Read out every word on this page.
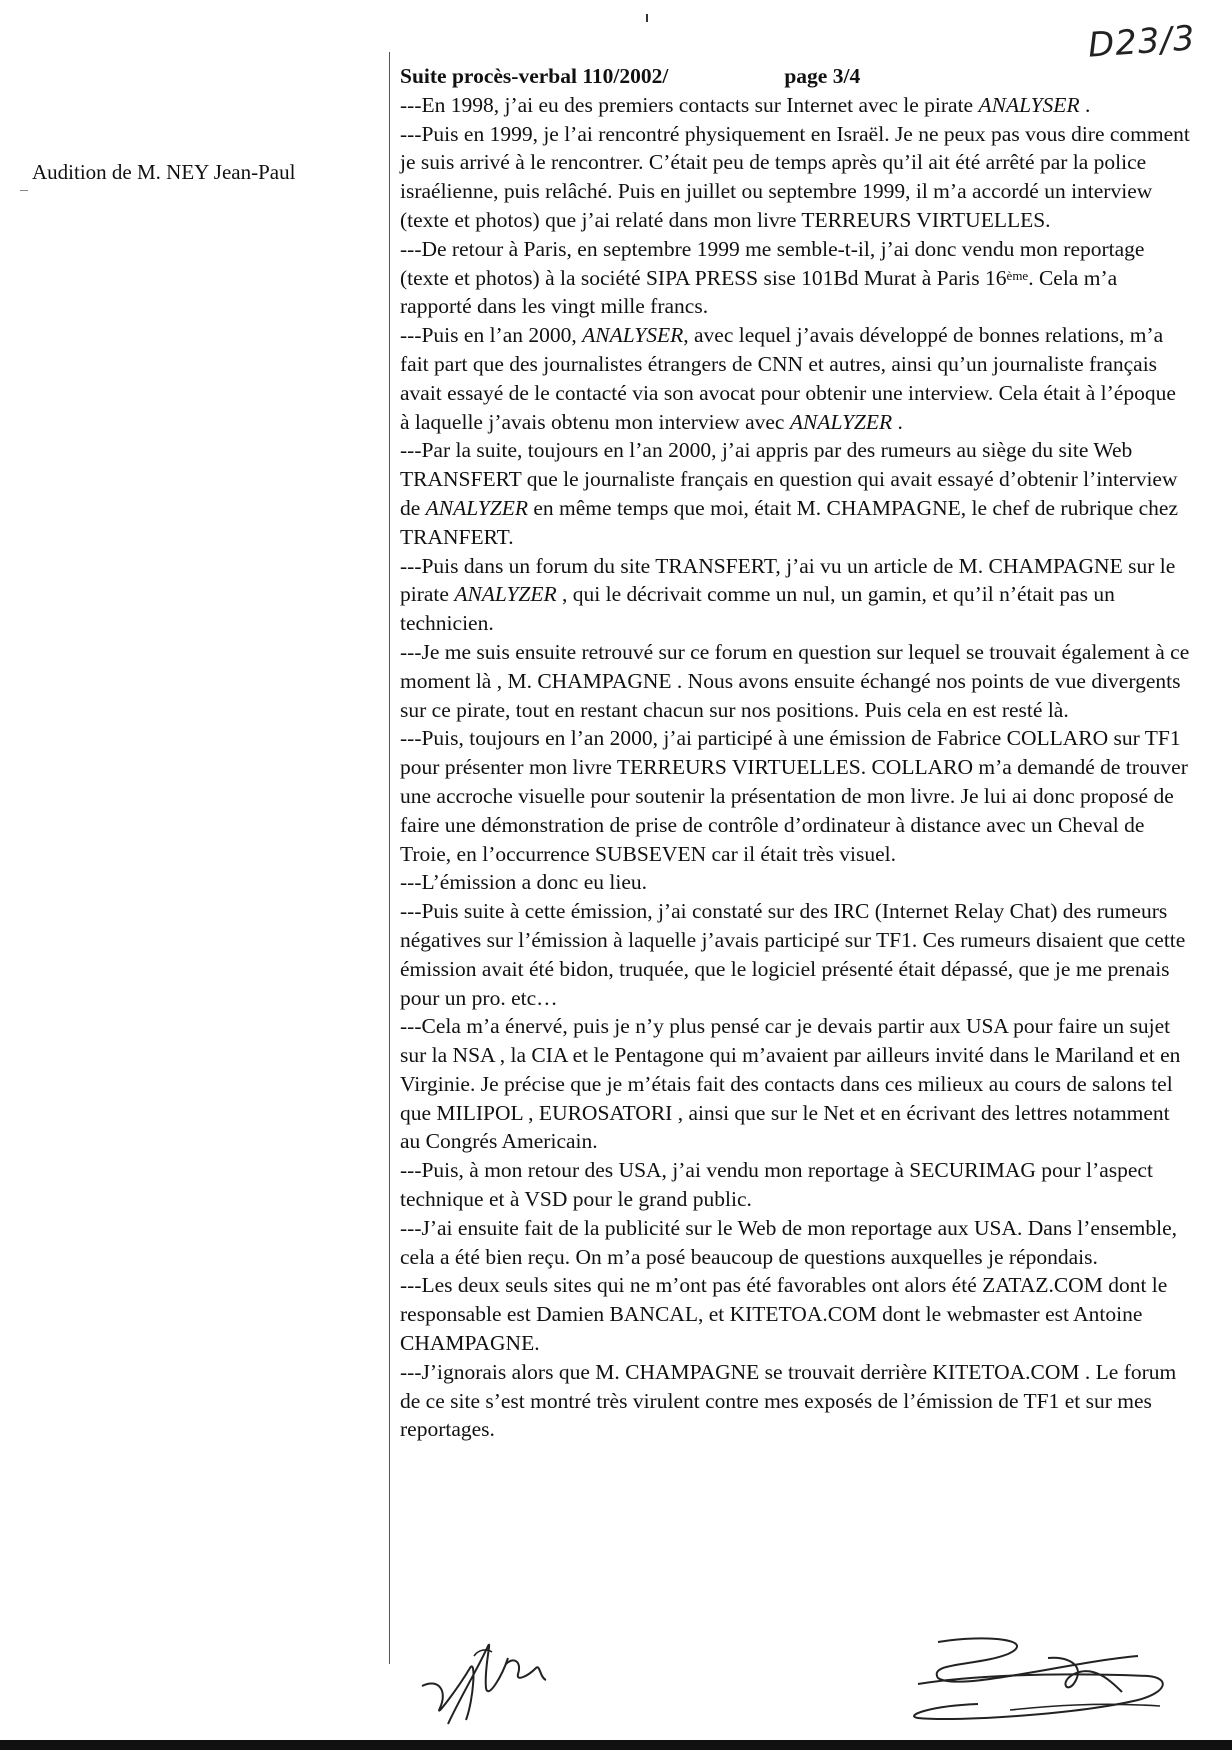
D23/3
Audition de M. NEY Jean-Paul
Suite procès-verbal 110/2002/	page 3/4

---En 1998, j’ai eu des premiers contacts sur Internet avec le pirate ANALYSER .

---Puis en 1999, je l’ai rencontré physiquement en Israël. Je ne peux pas vous dire comment je suis arrivé à le rencontrer. C’était peu de temps après qu’il ait été arrêté par la police israélienne, puis relâché. Puis en juillet ou septembre 1999, il m’a accordé un interview (texte et photos) que j’ai relaté dans mon livre TERREURS VIRTUELLES.

---De retour à Paris, en septembre 1999 me semble-t-il, j’ai donc vendu mon reportage (texte et photos) à la société SIPA PRESS sise 101Bd Murat à Paris 16ème. Cela m’a rapporté dans les vingt mille francs.

---Puis en l’an 2000, ANALYSER, avec lequel j’avais développé de bonnes relations, m’a fait part que des journalistes étrangers de CNN et autres, ainsi qu’un journaliste français avait essayé de le contacté via son avocat pour obtenir une interview. Cela était à l’époque à laquelle j’avais obtenu mon interview avec ANALYZER .

---Par la suite, toujours en l’an 2000, j’ai appris par des rumeurs au siège du site Web TRANSFERT que le journaliste français en question qui avait essayé d’obtenir l’interview de ANALYZER en même temps que moi, était M. CHAMPAGNE, le chef de rubrique chez TRANFERT.

---Puis dans un forum du site TRANSFERT, j’ai vu un article de M. CHAMPAGNE sur le pirate ANALYZER , qui le décrivait comme un nul, un gamin, et qu’il n’était pas un technicien.

---Je me suis ensuite retrouvé sur ce forum en question sur lequel se trouvait également à ce moment là , M. CHAMPAGNE . Nous avons ensuite échangé nos points de vue divergents sur ce pirate, tout en restant chacun sur nos positions. Puis cela en est resté là.

---Puis, toujours en l’an 2000, j’ai participé à une émission de Fabrice COLLARO sur TF1 pour présenter mon livre TERREURS VIRTUELLES. COLLARO m’a demandé de trouver une accroche visuelle pour soutenir la présentation de mon livre. Je lui ai donc proposé de faire une démonstration de prise de contrôle d’ordinateur à distance avec un Cheval de Troie, en l’occurrence SUBSEVEN car il était très visuel.

---L’émission a donc eu lieu.

---Puis suite à cette émission, j’ai constaté sur des IRC (Internet Relay Chat) des rumeurs négatives sur l’émission à laquelle j’avais participé sur TF1. Ces rumeurs disaient que cette émission avait été bidon, truquée, que le logiciel présenté était dépassé, que je me prenais pour un pro. etc…

---Cela m’a énervé, puis je n’y plus pensé car je devais partir aux USA pour faire un sujet sur la NSA , la CIA et le Pentagone qui m’avaient par ailleurs invité dans le Mariland et en Virginie. Je précise que je m’étais fait des contacts dans ces milieux au cours de salons tel que MILIPOL , EUROSATORI , ainsi que sur le Net et en écrivant des lettres notamment au Congrés Americain.

---Puis, à mon retour des USA, j’ai vendu mon reportage à SECURIMAG pour l’aspect technique et à VSD pour le grand public.

---J’ai ensuite fait de la publicité sur le Web de mon reportage aux USA. Dans l’ensemble, cela a été bien reçu. On m’a posé beaucoup de questions auxquelles je répondais.

---Les deux seuls sites qui ne m’ont pas été favorables ont alors été ZATAZ.COM dont le responsable est Damien BANCAL, et KITETOA.COM dont le webmaster est Antoine CHAMPAGNE.

---J’ignorais alors que M. CHAMPAGNE se trouvait derrière KITETOA.COM . Le forum de ce site s’est montré très virulent contre mes exposés de l’émission de TF1 et sur mes reportages.
